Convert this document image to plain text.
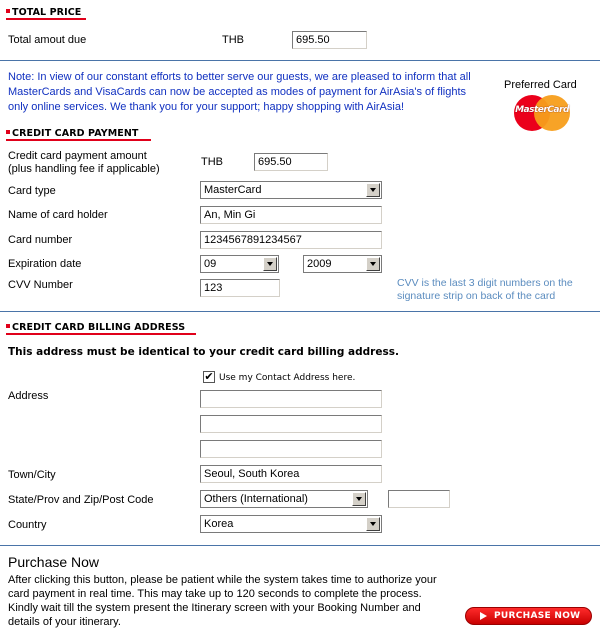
TOTAL PRICE
Total amout due	THB	695.50
Note: In view of our constant efforts to better serve our guests, we are pleased to inform that all MasterCards and VisaCards can now be accepted as modes of payment for AirAsia's of flights only online services. We thank you for your support; happy shopping with AirAsia!
Preferred Card
MasterCard
CREDIT CARD PAYMENT
Credit card payment amount
(plus handling fee if applicable)
THB	695.50
Card type	MasterCard
Name of card holder	An, Min Gi
Card number	1234567891234567
Expiration date	09	2009
CVV Number	123	CVV is the last 3 digit numbers on the signature strip on back of the card
CREDIT CARD BILLING ADDRESS
This address must be identical to your credit card billing address.
✔ Use my Contact Address here.
Address
Town/City	Seoul, South Korea
State/Prov and Zip/Post Code	Others (International)
Country	Korea
Purchase Now
After clicking this button, please be patient while the system takes time to authorize your card payment in real time. This may take up to 120 seconds to complete the process. Kindly wait till the system present the Itinerary screen with your Booking Number and details of your itinerary.	PURCHASE NOW
